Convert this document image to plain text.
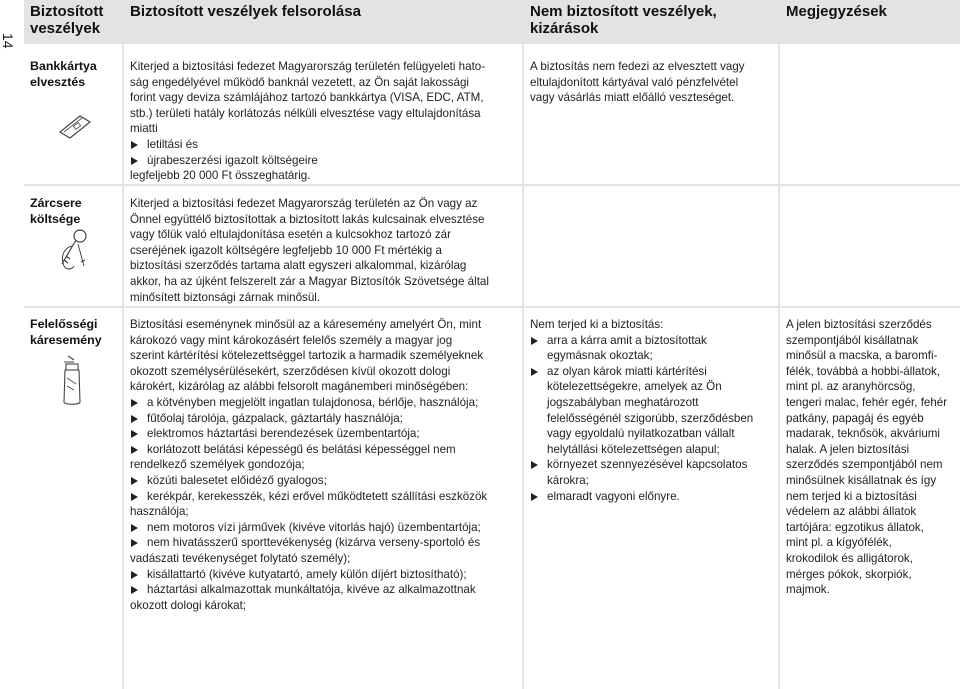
14
Biztosított veszélyek
Biztosított veszélyek felsorolása	Nem biztosított veszélyek, kizárások
Megjegyzések
Bankkártya elvesztés

Kiterjed a biztosítási fedezet Magyarország területén felügyeleti hato-

ság engedélyével működő banknál vezetett, az Ön saját lakossági

forint vagy deviza számlájához tartozó bankkártya (VISA, EDC, ATM,

stb.) területi hatály korlátozás nélküli elvesztése vagy eltulajdonítása

miatti

letiltási és

újrabeszerzési igazolt költségeire

legfeljebb 20 000 Ft összeghatárig.

A biztosítás nem fedezi az elvesztett vagy

eltulajdonított kártyával való pénzfelvétel

vagy vásárlás miatt előálló veszteséget.

Zárcsere költsége

Kiterjed a biztosítási fedezet Magyarország területén az Ön vagy az

Önnel együttélő biztosítottak a biztosított lakás kulcsainak elvesztése

vagy tőlük való eltulajdonítása esetén a kulcsokhoz tartozó zár

cseréjének igazolt költségére legfeljebb 10 000 Ft mértékig a

biztosítási szerződés tartama alatt egyszeri alkalommal, kizárólag

akkor, ha az újként felszerelt zár a Magyar Biztosítók Szövetsége által

minősített biztonsági zárnak minősül.

Felelősségi káresemény

Biztosítási eseménynek minősül az a káresemény amelyért Ön, mint

károkozó vagy mint károkozásért felelős személy a magyar jog

szerint kártérítési kötelezettséggel tartozik a harmadik személyeknek

okozott személysérülésekért, szerződésen kívül okozott dologi

károkért, kizárólag az alábbi felsorolt magánemberi minőségében:

a kötvényben megjelölt ingatlan tulajdonosa, bérlője, használója;

fűtőolaj tárolója, gázpalack, gáztartály használója;

elektromos háztartási berendezések üzembentartója;

korlátozott belátási képességű és belátási képességgel nem

rendelkező személyek gondozója;

közúti balesetet előidéző gyalogos;

kerékpár, kerekesszék, kézi erővel működtetett szállítási eszközök

használója;

nem motoros vízi járművek (kivéve vitorlás hajó) üzembentartója;

nem hivatásszerű sporttevékenység (kizárva verseny-sportoló és

vadászati tevékenységet folytató személy);

kisállattartó (kivéve kutyatartó, amely külön díjért biztosítható);

háztartási alkalmazottak munkáltatója, kivéve az alkalmazottnak

okozott dologi károkat;

Nem terjed ki a biztosítás:

arra a kárra amit a biztosítottak

egymásnak okoztak;

az olyan károk miatti kártérítési

kötelezettségekre, amelyek az Ön

jogszabályban meghatározott

felelősségénél szigorúbb, szerződésben

vagy egyoldalú nyilatkozatban vállalt

helytállási kötelezettségen alapul;

környezet szennyezésével kapcsolatos

károkra;

elmaradt vagyoni előnyre.

A jelen biztosítási szerződés

szempontjából kisállatnak

minősül a macska, a baromfi-

félék, továbbá a hobbi-állatok,

mint pl. az aranyhörcsög,

tengeri malac, fehér egér, fehér

patkány, papagáj és egyéb

madarak, teknősök, akváriumi

halak. A jelen biztosítási

szerződés szempontjából nem

minősülnek kisállatnak és így

nem terjed ki a biztosítási

védelem az alábbi állatok

tartójára: egzotikus állatok,

mint pl. a kígyófélék,

krokodilok és alligátorok,

mérges pókok, skorpiók,

majmok.
